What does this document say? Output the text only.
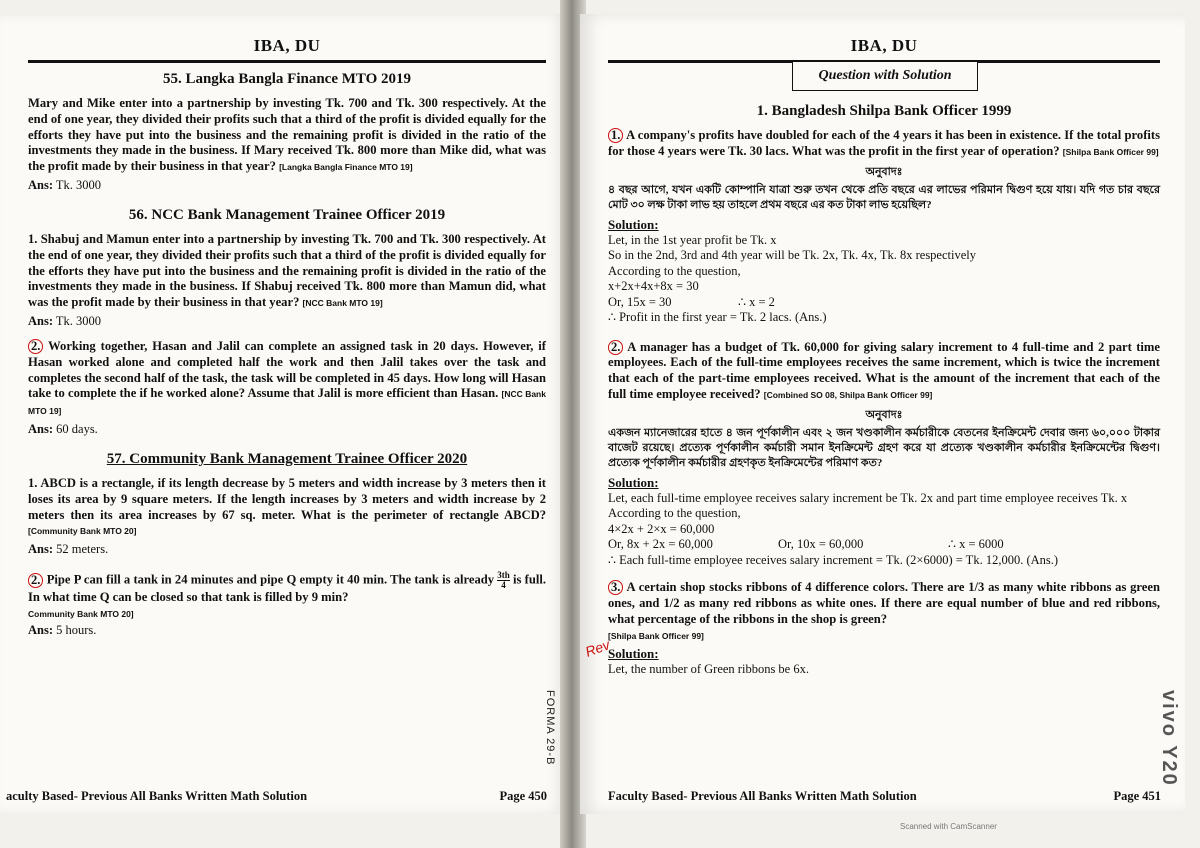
IBA, DU
55. Langka Bangla Finance MTO 2019

Mary and Mike enter into a partnership by investing Tk. 700 and Tk. 300 respectively. At the end of one year, they divided their profits such that a third of the profit is divided equally for the efforts they have put into the business and the remaining profit is divided in the ratio of the investments they made in the business. If Mary received Tk. 800 more than Mike did, what was the profit made by their business in that year? [Langka Bangla Finance MTO 19]

Ans: Tk. 3000

56. NCC Bank Management Trainee Officer 2019

1. Shabuj and Mamun enter into a partnership by investing Tk. 700 and Tk. 300 respectively. At the end of one year, they divided their profits such that a third of the profit is divided equally for the efforts they have put into the business and the remaining profit is divided in the ratio of the investments they made in the business. If Shabuj received Tk. 800 more than Mamun did, what was the profit made by their business in that year? [NCC Bank MTO 19]

Ans: Tk. 3000

2. Working together, Hasan and Jalil can complete an assigned task in 20 days. However, if Hasan worked alone and completed half the work and then Jalil takes over the task and completes the second half of the task, the task will be completed in 45 days. How long will Hasan take to complete the if he worked alone? Assume that Jalil is more efficient than Hasan. [NCC Bank MTO 19]

Ans: 60 days.

57. Community Bank Management Trainee Officer 2020

1. ABCD is a rectangle, if its length decrease by 5 meters and width increase by 3 meters then it loses its area by 9 square meters. If the length increases by 3 meters and width increase by 2 meters then its area increases by 67 sq. meter. What is the perimeter of rectangle ABCD? [Community Bank MTO 20]

Ans: 52 meters.

2. Pipe P can fill a tank in 24 minutes and pipe Q empty it 40 min. The tank is already $\frac{3th}{4}$ is full. In what time Q can be closed so that tank is filled by 9 min?
Community Bank MTO 20]

Ans: 5 hours.

aculty Based- Previous All Banks Written Math Solution	Page 450
FORMA 29-B
IBA, DU
Question with Solution
1. Bangladesh Shilpa Bank Officer 1999

1. A company's profits have doubled for each of the 4 years it has been in existence. If the total profits for those 4 years were Tk. 30 lacs. What was the profit in the first year of operation? [Shilpa Bank Officer 99]

অনুবাদঃ

৪ বছর আগে, যখন একটি কোম্পানি যাত্রা শুরু তখন থেকে প্রতি বছরে এর লাভের পরিমান দ্বিগুণ হয়ে যায়। যদি গত চার বছরে মোট ৩০ লক্ষ টাকা লাভ হয় তাহলে প্রথম বছরে এর কত টাকা লাভ হয়েছিল?

Solution:
Let, in the 1st year profit be Tk. x
So in the 2nd, 3rd and 4th year will be Tk. 2x, Tk. 4x, Tk. 8x respectively
According to the question,
x+2x+4x+8x = 30
Or, 15x = 30	∴ x = 2
∴ Profit in the first year = Tk. 2 lacs. (Ans.)

2. A manager has a budget of Tk. 60,000 for giving salary increment to 4 full-time and 2 part time employees. Each of the full-time employees receives the same increment, which is twice the increment that each of the part-time employees received. What is the amount of the increment that each of the full time employee received? [Combined SO 08, Shilpa Bank Officer 99]

অনুবাদঃ

একজন ম্যানেজারের হাতে ৪ জন পূর্ণকালীন এবং ২ জন খণ্ডকালীন কর্মচারীকে বেতনের ইনক্রিমেন্ট দেবার জন্য ৬০,০০০ টাকার বাজেট রয়েছে। প্রত্যেক পূর্ণকালীন কর্মচারী সমান ইনক্রিমেন্ট গ্রহণ করে যা প্রত্যেক খণ্ডকালীন কর্মচারীর ইনক্রিমেন্টের দ্বিগুণ। প্রত্যেক পূর্ণকালীন কর্মচারীর গ্রহণকৃত ইনক্রিমেন্টের পরিমাণ কত?

Solution:
Let, each full-time employee receives salary increment be Tk. 2x and part time employee receives Tk. x
According to the question,
4×2x + 2×x = 60,000
Or, 8x + 2x = 60,000	Or, 10x = 60,000	∴ x = 6000
∴ Each full-time employee receives salary increment = Tk. (2×6000) = Tk. 12,000. (Ans.)

3. A certain shop stocks ribbons of 4 difference colors. There are 1/3 as many white ribbons as green ones, and 1/2 as many red ribbons as white ones. If there are equal number of blue and red ribbons, what percentage of the ribbons in the shop is green?
[Shilpa Bank Officer 99]

Solution:
Let, the number of Green ribbons be 6x.
Faculty Based- Previous All Banks Written Math Solution	Page 451
Rev
vivo Y20
Scanned with CamScanner
